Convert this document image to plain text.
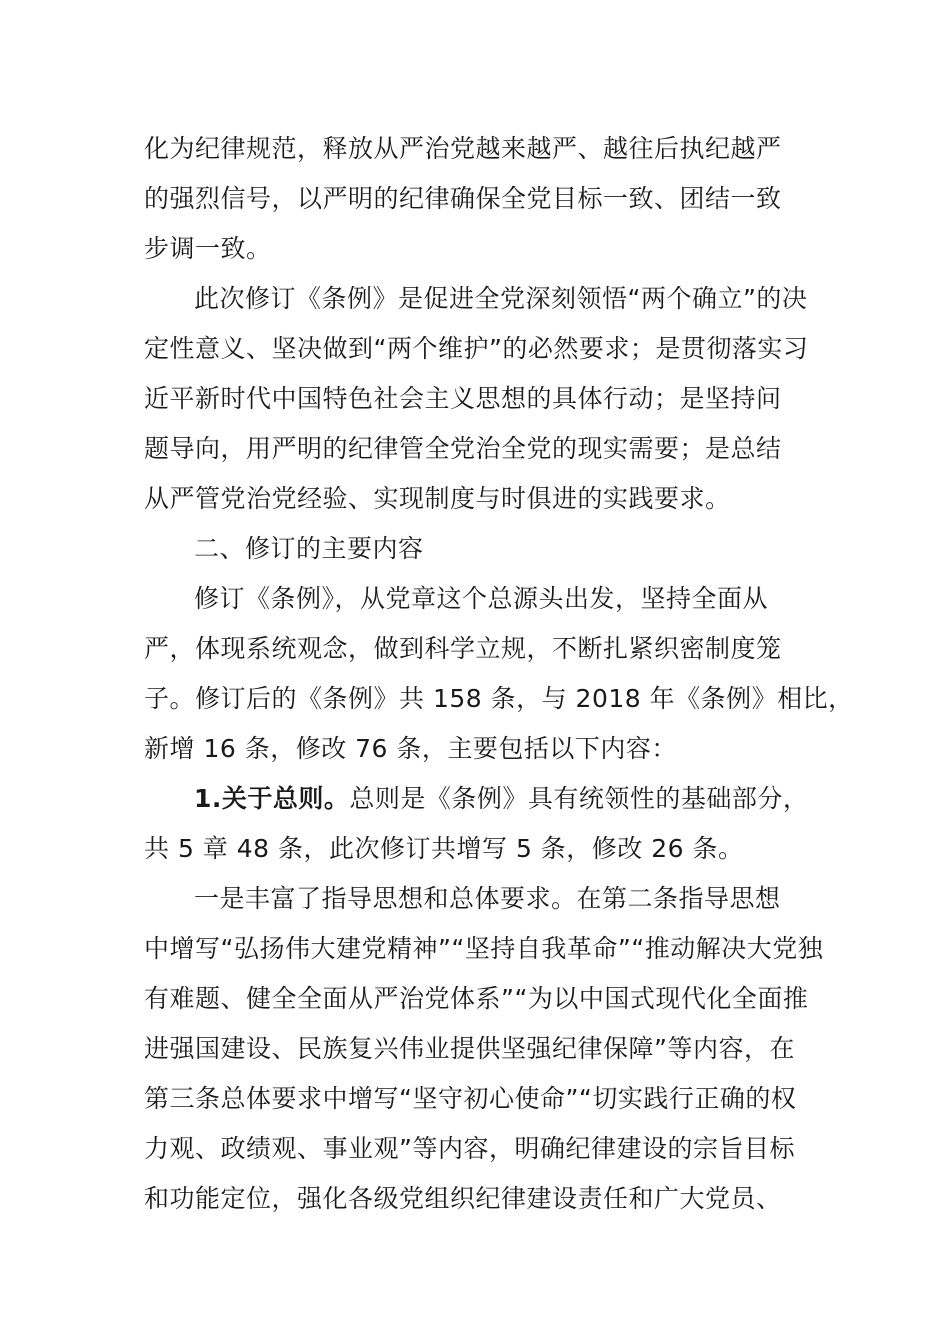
化为纪律规范，释放从严治党越来越严、越往后执纪越严
的强烈信号，以严明的纪律确保全党目标一致、团结一致
步调一致。
此次修订《条例》是促进全党深刻领悟“两个确立”的决
定性意义、坚决做到“两个维护”的必然要求；是贯彻落实习
近平新时代中国特色社会主义思想的具体行动；是坚持问
题导向，用严明的纪律管全党治全党的现实需要；是总结
从严管党治党经验、实现制度与时俱进的实践要求。
二、修订的主要内容
修订《条例》，从党章这个总源头出发，坚持全面从
严，体现系统观念，做到科学立规，不断扎紧织密制度笼
子。修订后的《条例》共 158 条，与 2018 年《条例》相比，
新增 16 条，修改 76 条，主要包括以下内容：
1.关于总则。总则是《条例》具有统领性的基础部分，
共 5 章 48 条，此次修订共增写 5 条，修改 26 条。
一是丰富了指导思想和总体要求。在第二条指导思想
中增写“弘扬伟大建党精神”“坚持自我革命”“推动解决大党独
有难题、健全全面从严治党体系”“为以中国式现代化全面推
进强国建设、民族复兴伟业提供坚强纪律保障”等内容，在
第三条总体要求中增写“坚守初心使命”“切实践行正确的权
力观、政绩观、事业观”等内容，明确纪律建设的宗旨目标
和功能定位，强化各级党组织纪律建设责任和广大党员、
